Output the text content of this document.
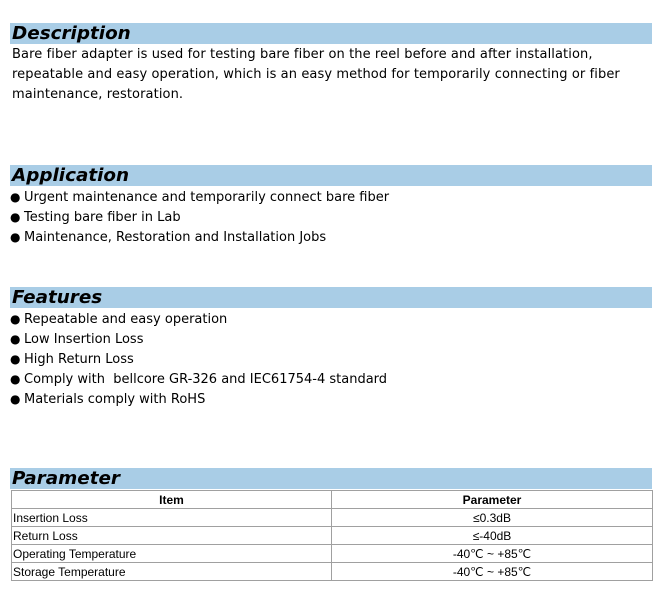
Description

Bare fiber adapter is used for testing bare fiber on the reel before and after installation, repeatable and easy operation, which is an easy method for temporarily connecting or fiber maintenance, restoration.

Application
● Urgent maintenance and temporarily connect bare fiber
● Testing bare fiber in Lab
● Maintenance, Restoration and Installation Jobs
Features
● Repeatable and easy operation
● Low Insertion Loss
● High Return Loss
● Comply with  bellcore GR-326 and IEC61754-4 standard
● Materials comply with RoHS
Parameter
Item	Parameter
Insertion Loss	≤0.3dB
Return Loss	≤-40dB
Operating Temperature	-40℃ ~ +85℃
Storage Temperature	-40℃ ~ +85℃
